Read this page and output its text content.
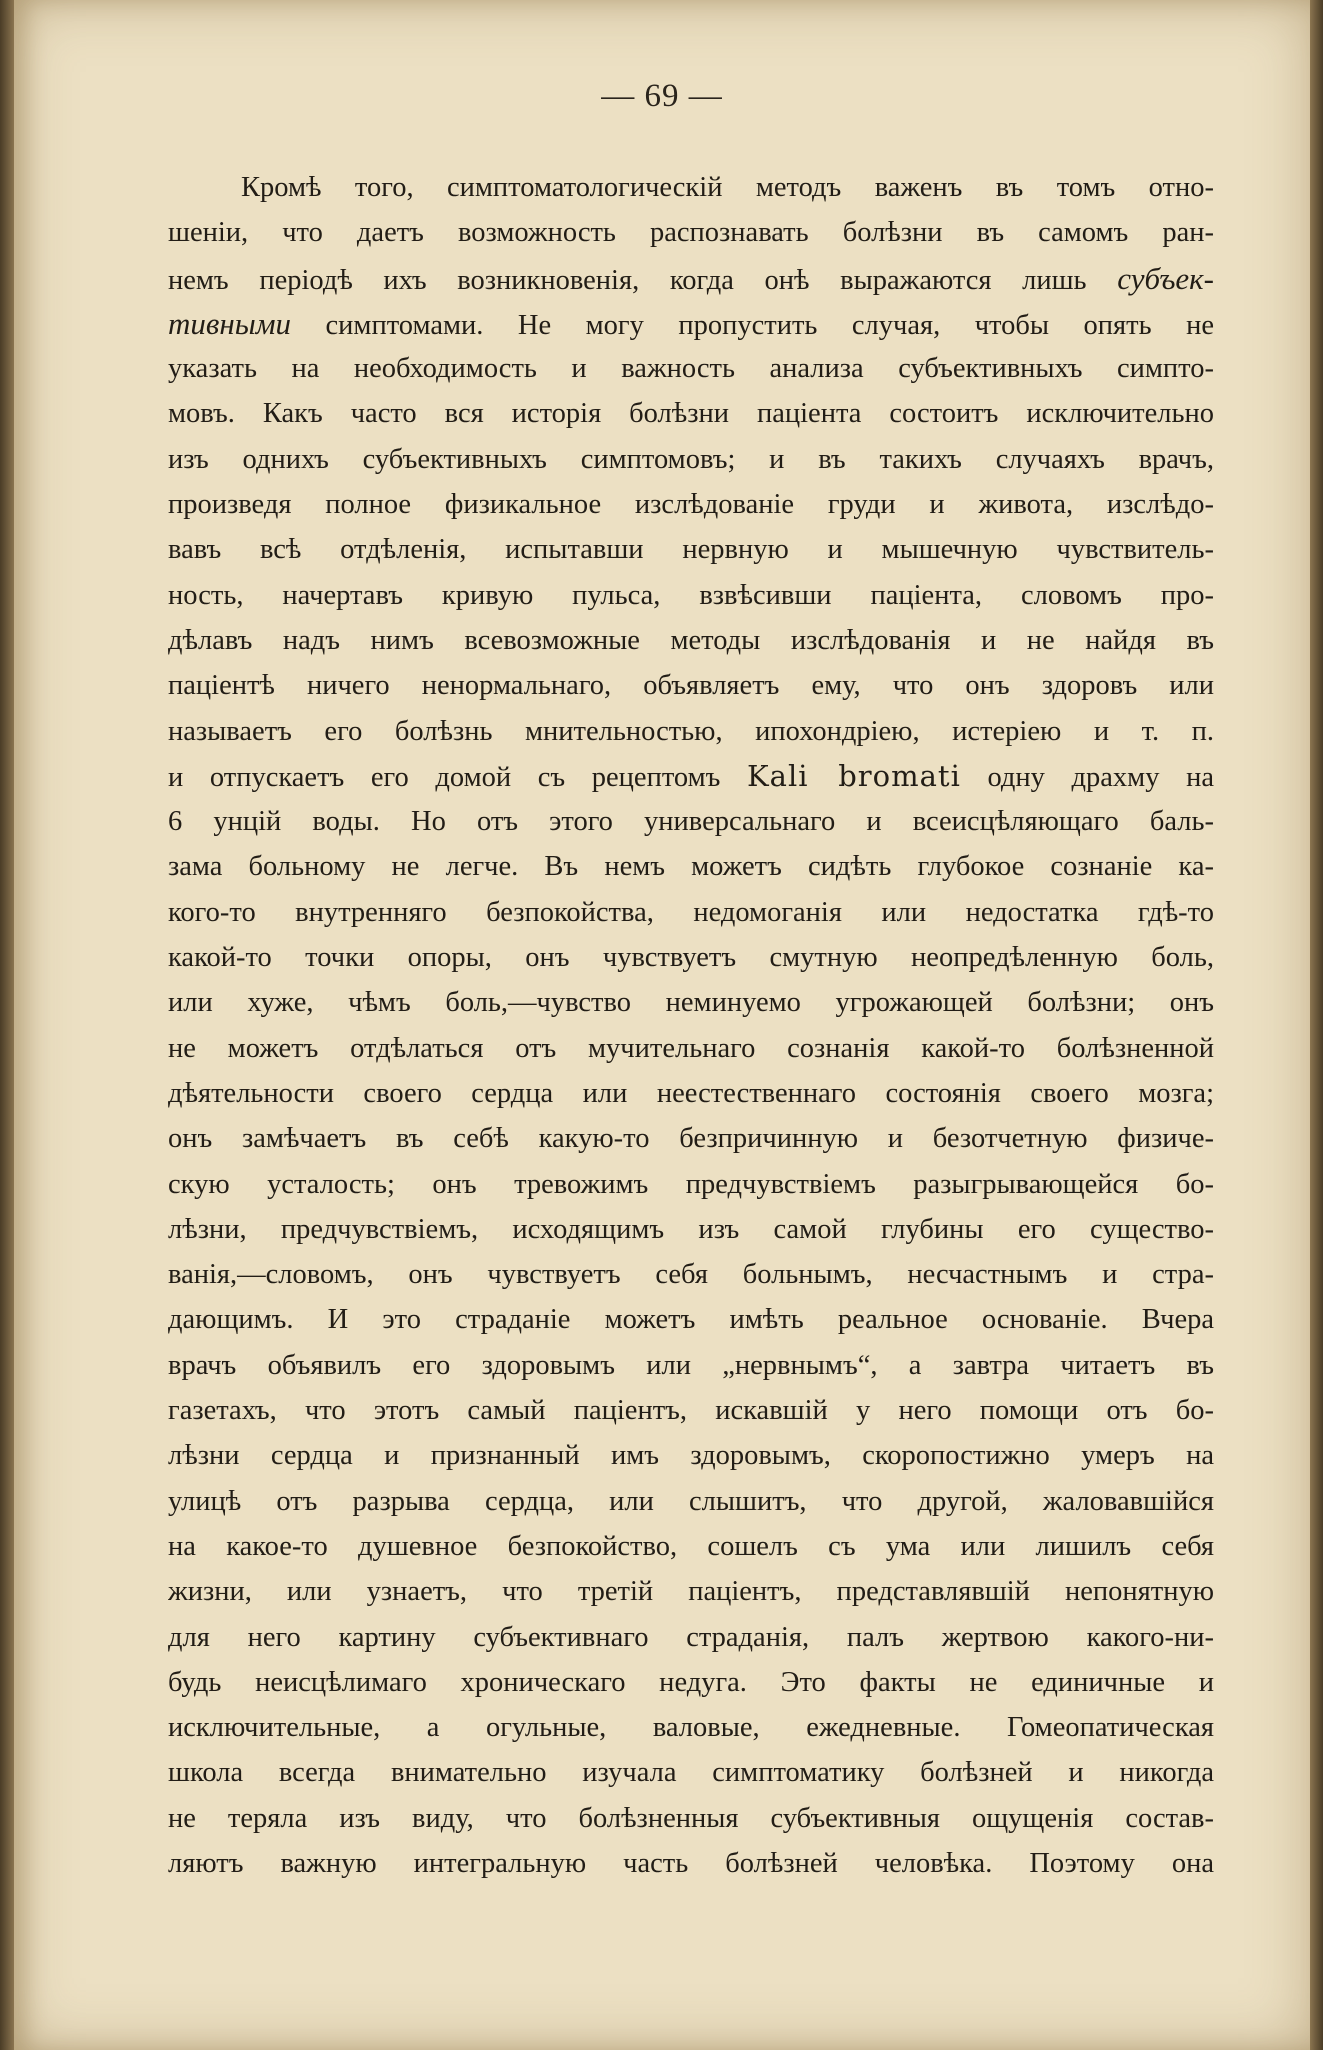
— 69 —
Кромѣ того, симптоматологическій методъ важенъ въ томъ отно-
шеніи, что даетъ возможность распознавать болѣзни въ самомъ ран-
немъ періодѣ ихъ возникновенія, когда онѣ выражаются лишь субъек-
тивными симптомами. Не могу пропустить случая, чтобы опять не
указать на необходимость и важность анализа субъективныхъ симпто-
мовъ. Какъ часто вся исторія болѣзни паціента состоитъ исключительно
изъ однихъ субъективныхъ симптомовъ; и въ такихъ случаяхъ врачъ,
произведя полное физикальное изслѣдованіе груди и живота, изслѣдо-
вавъ всѣ отдѣленія, испытавши нервную и мышечную чувствитель-
ность, начертавъ кривую пульса, взвѣсивши паціента, словомъ про-
дѣлавъ надъ нимъ всевозможные методы изслѣдованія и не найдя въ
паціентѣ ничего ненормальнаго, объявляетъ ему, что онъ здоровъ или
называетъ его болѣзнь мнительностью, ипохондріею, истеріею и т. п.
и отпускаетъ его домой съ рецептомъ Kali bromati одну драхму на
6 унцій воды. Но отъ этого универсальнаго и всеисцѣляющаго баль-
зама больному не легче. Въ немъ можетъ сидѣть глубокое сознаніе ка-
кого-то внутренняго безпокойства, недомоганія или недостатка гдѣ-то
какой-то точки опоры, онъ чувствуетъ смутную неопредѣленную боль,
или хуже, чѣмъ боль,—чувство неминуемо угрожающей болѣзни; онъ
не можетъ отдѣлаться отъ мучительнаго сознанія какой-то болѣзненной
дѣятельности своего сердца или неестественнаго состоянія своего мозга;
онъ замѣчаетъ въ себѣ какую-то безпричинную и безотчетную физиче-
скую усталость; онъ тревожимъ предчувствіемъ разыгрывающейся бо-
лѣзни, предчувствіемъ, исходящимъ изъ самой глубины его существо-
ванія,—словомъ, онъ чувствуетъ себя больнымъ, несчастнымъ и стра-
дающимъ. И это страданіе можетъ имѣть реальное основаніе. Вчера
врачъ объявилъ его здоровымъ или „нервнымъ“, а завтра читаетъ въ
газетахъ, что этотъ самый паціентъ, искавшій у него помощи отъ бо-
лѣзни сердца и признанный имъ здоровымъ, скоропостижно умеръ на
улицѣ отъ разрыва сердца, или слышитъ, что другой, жаловавшійся
на какое-то душевное безпокойство, сошелъ съ ума или лишилъ себя
жизни, или узнаетъ, что третій паціентъ, представлявшій непонятную
для него картину субъективнаго страданія, палъ жертвою какого-ни-
будь неисцѣлимаго хроническаго недуга. Это факты не единичные и
исключительные, а огульные, валовые, ежедневные. Гомеопатическая
школа всегда внимательно изучала симптоматику болѣзней и никогда
не теряла изъ виду, что болѣзненныя субъективныя ощущенія состав-
ляютъ важную интегральную часть болѣзней человѣка. Поэтому она
